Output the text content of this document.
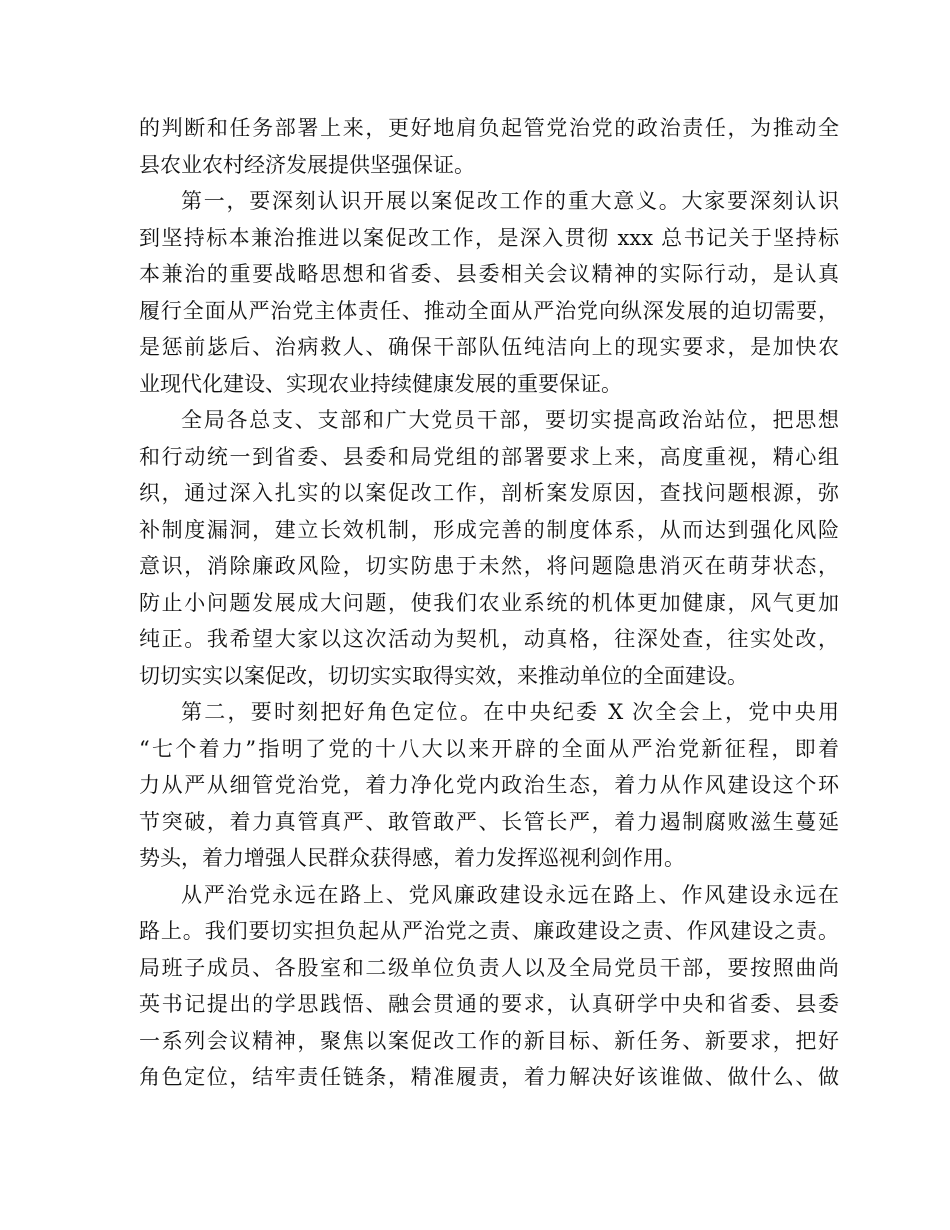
的判断和任务部署上来，更好地肩负起管党治党的政治责任，为推动全
县农业农村经济发展提供坚强保证。
第一，要深刻认识开展以案促改工作的重大意义。大家要深刻认识
到坚持标本兼治推进以案促改工作，是深入贯彻 xxx 总书记关于坚持标
本兼治的重要战略思想和省委、县委相关会议精神的实际行动，是认真
履行全面从严治党主体责任、推动全面从严治党向纵深发展的迫切需要，
是惩前毖后、治病救人、确保干部队伍纯洁向上的现实要求，是加快农
业现代化建设、实现农业持续健康发展的重要保证。
全局各总支、支部和广大党员干部，要切实提高政治站位，把思想
和行动统一到省委、县委和局党组的部署要求上来，高度重视，精心组
织，通过深入扎实的以案促改工作，剖析案发原因，查找问题根源，弥
补制度漏洞，建立长效机制，形成完善的制度体系，从而达到强化风险
意识，消除廉政风险，切实防患于未然，将问题隐患消灭在萌芽状态，
防止小问题发展成大问题，使我们农业系统的机体更加健康，风气更加
纯正。我希望大家以这次活动为契机，动真格，往深处查，往实处改，
切切实实以案促改，切切实实取得实效，来推动单位的全面建设。
第二，要时刻把好角色定位。在中央纪委 X 次全会上，党中央用
“七个着力”指明了党的十八大以来开辟的全面从严治党新征程，即着
力从严从细管党治党，着力净化党内政治生态，着力从作风建设这个环
节突破，着力真管真严、敢管敢严、长管长严，着力遏制腐败滋生蔓延
势头，着力增强人民群众获得感，着力发挥巡视利剑作用。
从严治党永远在路上、党风廉政建设永远在路上、作风建设永远在
路上。我们要切实担负起从严治党之责、廉政建设之责、作风建设之责。
局班子成员、各股室和二级单位负责人以及全局党员干部，要按照曲尚
英书记提出的学思践悟、融会贯通的要求，认真研学中央和省委、县委
一系列会议精神，聚焦以案促改工作的新目标、新任务、新要求，把好
角色定位，结牢责任链条，精准履责，着力解决好该谁做、做什么、做
